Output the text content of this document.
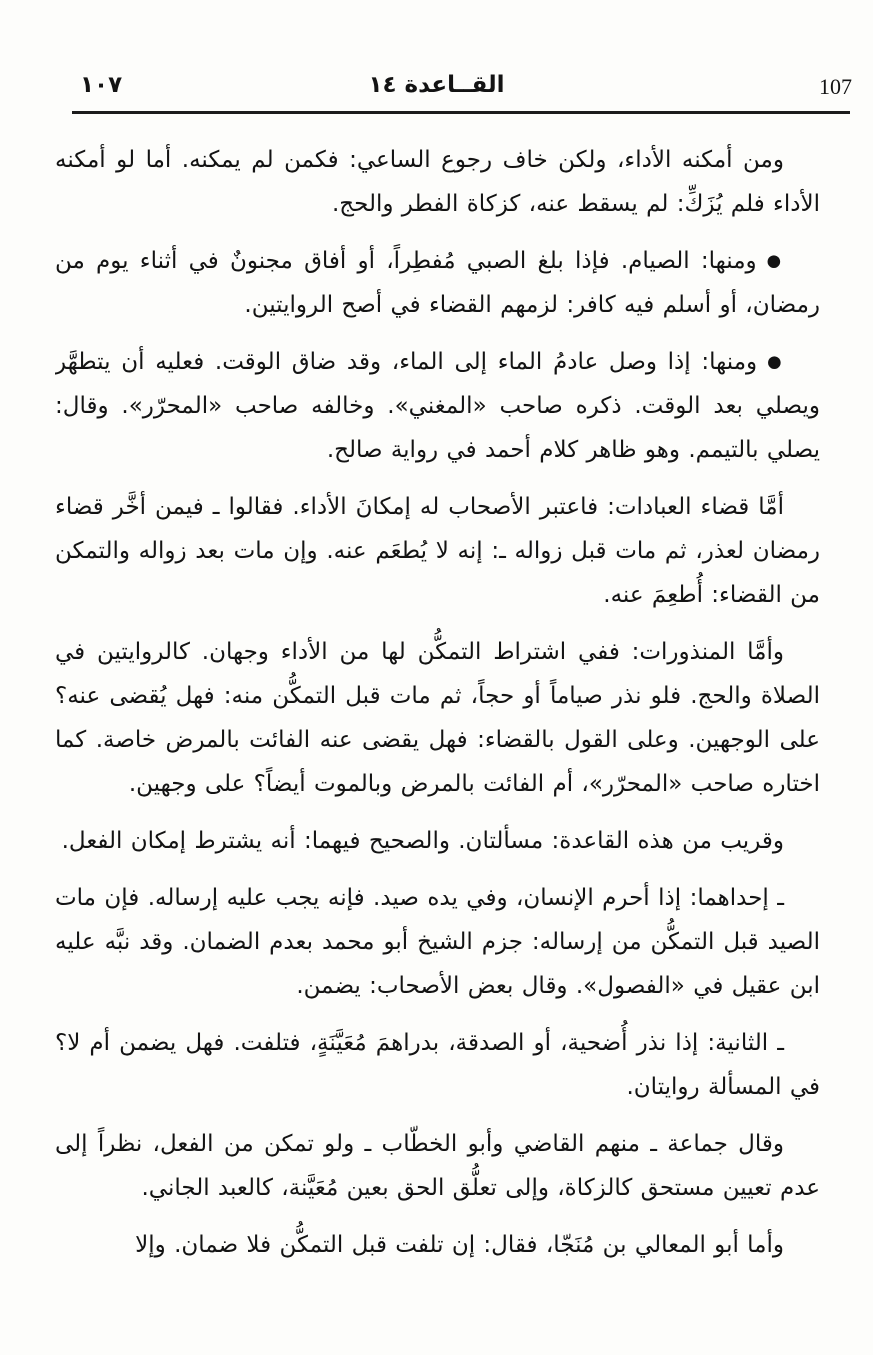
١٠٧	القــاعدة ١٤	107

ومن أمكنه الأداء، ولكن خاف رجوع الساعي: فكمن لم يمكنه. أما لو أمكنه الأداء فلم يُزَكِّ: لم يسقط عنه، كزكاة الفطر والحج.

●ومنها: الصيام. فإذا بلغ الصبي مُفطِراً، أو أفاق مجنونٌ في أثناء يوم من رمضان، أو أسلم فيه كافر: لزمهم القضاء في أصح الروايتين.

●ومنها: إذا وصل عادمُ الماء إلى الماء، وقد ضاق الوقت. فعليه أن يتطهَّر ويصلي بعد الوقت. ذكره صاحب «المغني». وخالفه صاحب «المحرّر». وقال: يصلي بالتيمم. وهو ظاهر كلام أحمد في رواية صالح.

أمَّا قضاء العبادات: فاعتبر الأصحاب له إمكانَ الأداء. فقالوا ـ فيمن أخَّر قضاء رمضان لعذر، ثم مات قبل زواله ـ: إنه لا يُطعَم عنه. وإن مات بعد زواله والتمكن من القضاء: أُطعِمَ عنه.

وأمَّا المنذورات: ففي اشتراط التمكُّن لها من الأداء وجهان. كالروايتين في الصلاة والحج. فلو نذر صياماً أو حجاً، ثم مات قبل التمكُّن منه: فهل يُقضى عنه؟ على الوجهين. وعلى القول بالقضاء: فهل يقضى عنه الفائت بالمرض خاصة. كما اختاره صاحب «المحرّر»، أم الفائت بالمرض وبالموت أيضاً؟ على وجهين.

وقريب من هذه القاعدة: مسألتان. والصحيح فيهما: أنه يشترط إمكان الفعل.

ـ إحداهما: إذا أحرم الإنسان، وفي يده صيد. فإنه يجب عليه إرساله. فإن مات الصيد قبل التمكُّن من إرساله: جزم الشيخ أبو محمد بعدم الضمان. وقد نبَّه عليه ابن عقيل في «الفصول». وقال بعض الأصحاب: يضمن.

ـ الثانية: إذا نذر أُضحية، أو الصدقة، بدراهمَ مُعَيَّنَةٍ، فتلفت. فهل يضمن أم لا؟ في المسألة روايتان.

وقال جماعة ـ منهم القاضي وأبو الخطّاب ـ ولو تمكن من الفعل، نظراً إلى عدم تعيين مستحق كالزكاة، وإلى تعلُّق الحق بعين مُعَيَّنة، كالعبد الجاني.

وأما أبو المعالي بن مُنَجّا، فقال: إن تلفت قبل التمكُّن فلا ضمان. وإلا
